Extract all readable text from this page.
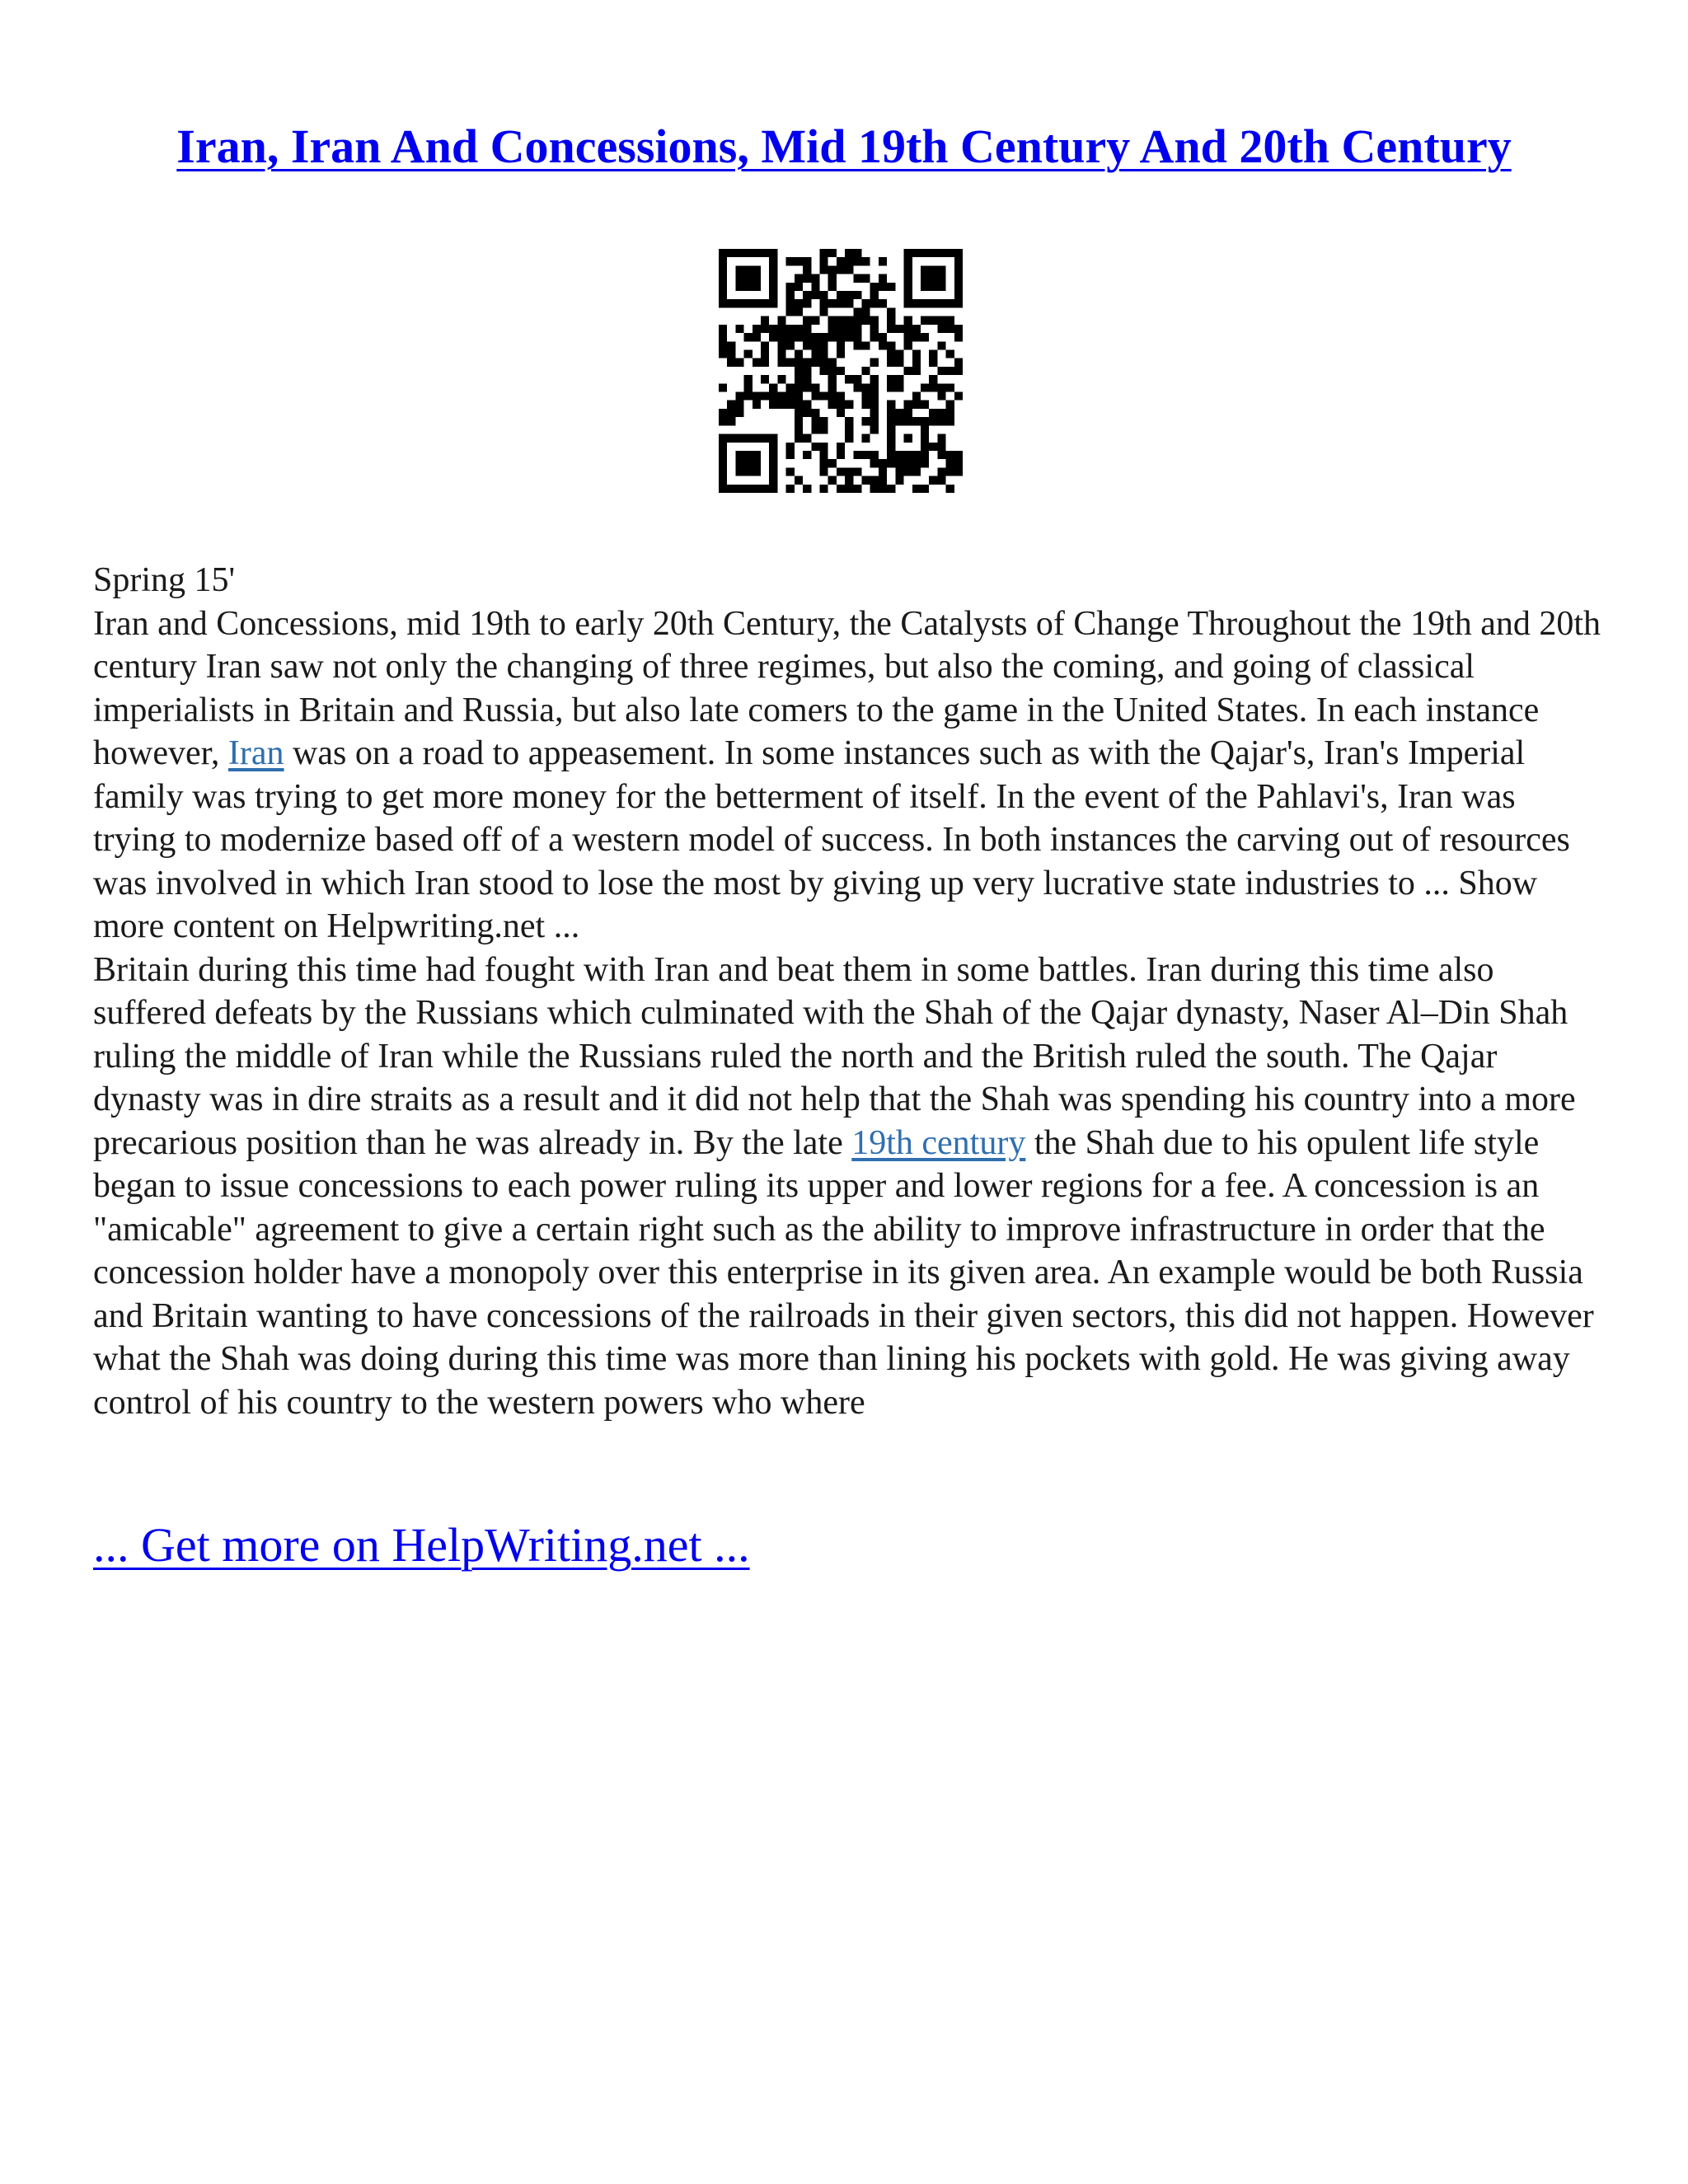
Iran, Iran And Concessions, Mid 19th Century And 20th Century

Spring 15'

Iran and Concessions, mid 19th to early 20th Century, the Catalysts of Change Throughout the 19th and 20th century Iran saw not only the changing of three regimes, but also the coming, and going of classical imperialists in Britain and Russia, but also late comers to the game in the United States. In each instance however, Iran was on a road to appeasement. In some instances such as with the Qajar's, Iran's Imperial family was trying to get more money for the betterment of itself. In the event of the Pahlavi's, Iran was trying to modernize based off of a western model of success. In both instances the carving out of resources was involved in which Iran stood to lose the most by giving up very lucrative state industries to ... Show more content on Helpwriting.net ...

Britain during this time had fought with Iran and beat them in some battles. Iran during this time also suffered defeats by the Russians which culminated with the Shah of the Qajar dynasty, Naser Al–Din Shah ruling the middle of Iran while the Russians ruled the north and the British ruled the south. The Qajar dynasty was in dire straits as a result and it did not help that the Shah was spending his country into a more precarious position than he was already in. By the late 19th century the Shah due to his opulent life style began to issue concessions to each power ruling its upper and lower regions for a fee. A concession is an "amicable" agreement to give a certain right such as the ability to improve infrastructure in order that the concession holder have a monopoly over this enterprise in its given area. An example would be both Russia and Britain wanting to have concessions of the railroads in their given sectors, this did not happen. However what the Shah was doing during this time was more than lining his pockets with gold. He was giving away control of his country to the western powers who where

... Get more on HelpWriting.net ...
